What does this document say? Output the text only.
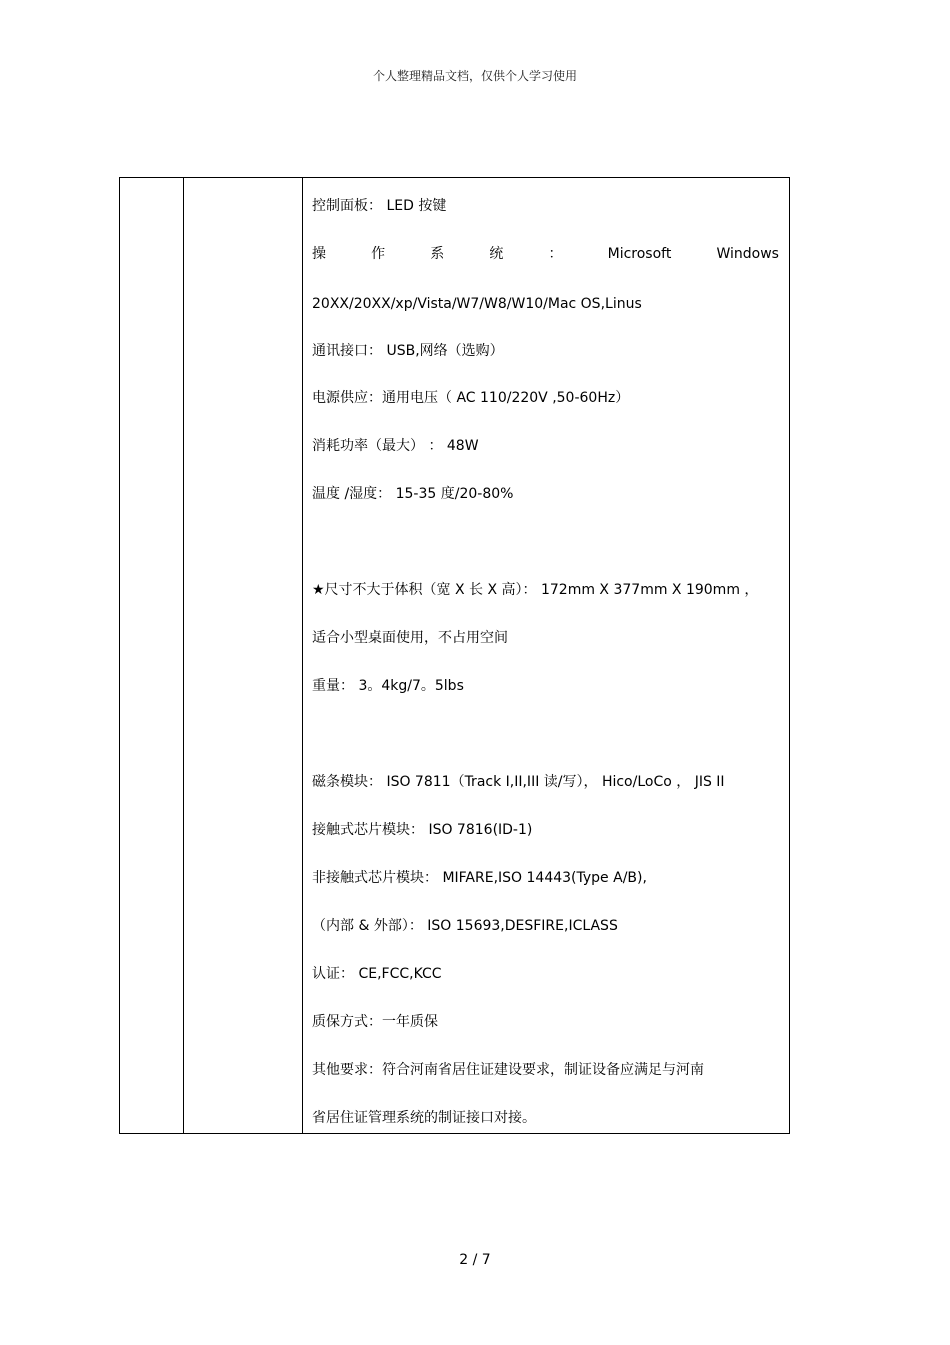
个人整理精品文档，仅供个人学习使用
控制面板： LED 按键
操	作	系	统	：	Microsoft	Windows
20XX/20XX/xp/Vista/W7/W8/W10/Mac OS,Linus
通讯接口： USB,网络（选购）
电源供应：通用电压（ AC 110/220V ,50-60Hz）
消耗功率（最大） ： 48W
温度 /湿度： 15-35 度/20-80%
★尺寸不大于体积（宽 X 长 X 高）： 172mm X 377mm X 190mm ，
适合小型桌面使用，不占用空间
重量： 3。4kg/7。5lbs
磁条模块： ISO 7811（Track I,II,III 读/写）， Hico/LoCo ， JIS II
接触式芯片模块： ISO 7816(ID-1)
非接触式芯片模块： MIFARE,ISO 14443(Type A/B),
（内部 & 外部）： ISO 15693,DESFIRE,ICLASS
认证： CE,FCC,KCC
质保方式：一年质保
其他要求：符合河南省居住证建设要求，制证设备应满足与河南
省居住证管理系统的制证接口对接。
2 / 7
